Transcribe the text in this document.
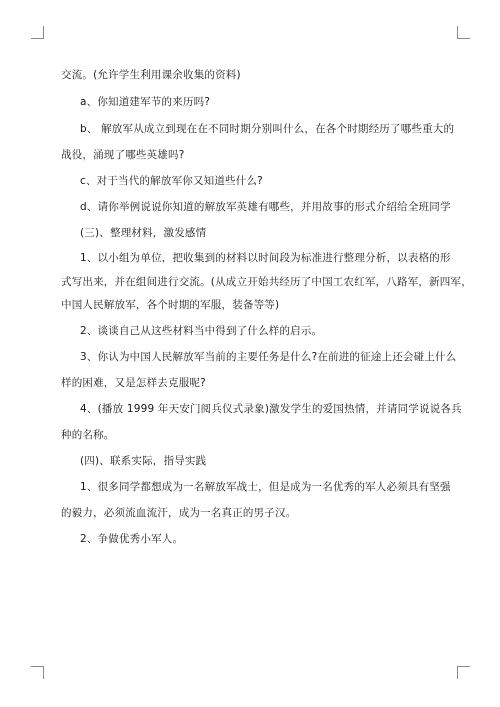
交流。(允许学生利用课余收集的资料)
a、你知道建军节的来历吗?
b、 解放军从成立到现在在不同时期分别叫什么，在各个时期经历了哪些重大的
战役，涌现了哪些英雄吗?
c、对于当代的解放军你又知道些什么?
d、请你举例说说你知道的解放军英雄有哪些，并用故事的形式介绍给全班同学
(三)、整理材料，激发感情
1、以小组为单位，把收集到的材料以时间段为标准进行整理分析，以表格的形
式写出来，并在组间进行交流。(从成立开始共经历了中国工农红军，八路军，新四军，
中国人民解放军，各个时期的军服，装备等等)
2、谈谈自己从这些材料当中得到了什么样的启示。
3、你认为中国人民解放军当前的主要任务是什么?在前进的征途上还会碰上什么
样的困难，又是怎样去克服呢?
4、(播放 1999 年天安门阅兵仪式录象)激发学生的爱国热情，并请同学说说各兵
种的名称。
(四)、联系实际，指导实践
1、很多同学都想成为一名解放军战士，但是成为一名优秀的军人必须具有坚强
的毅力，必须流血流汗，成为一名真正的男子汉。
2、争做优秀小军人。
